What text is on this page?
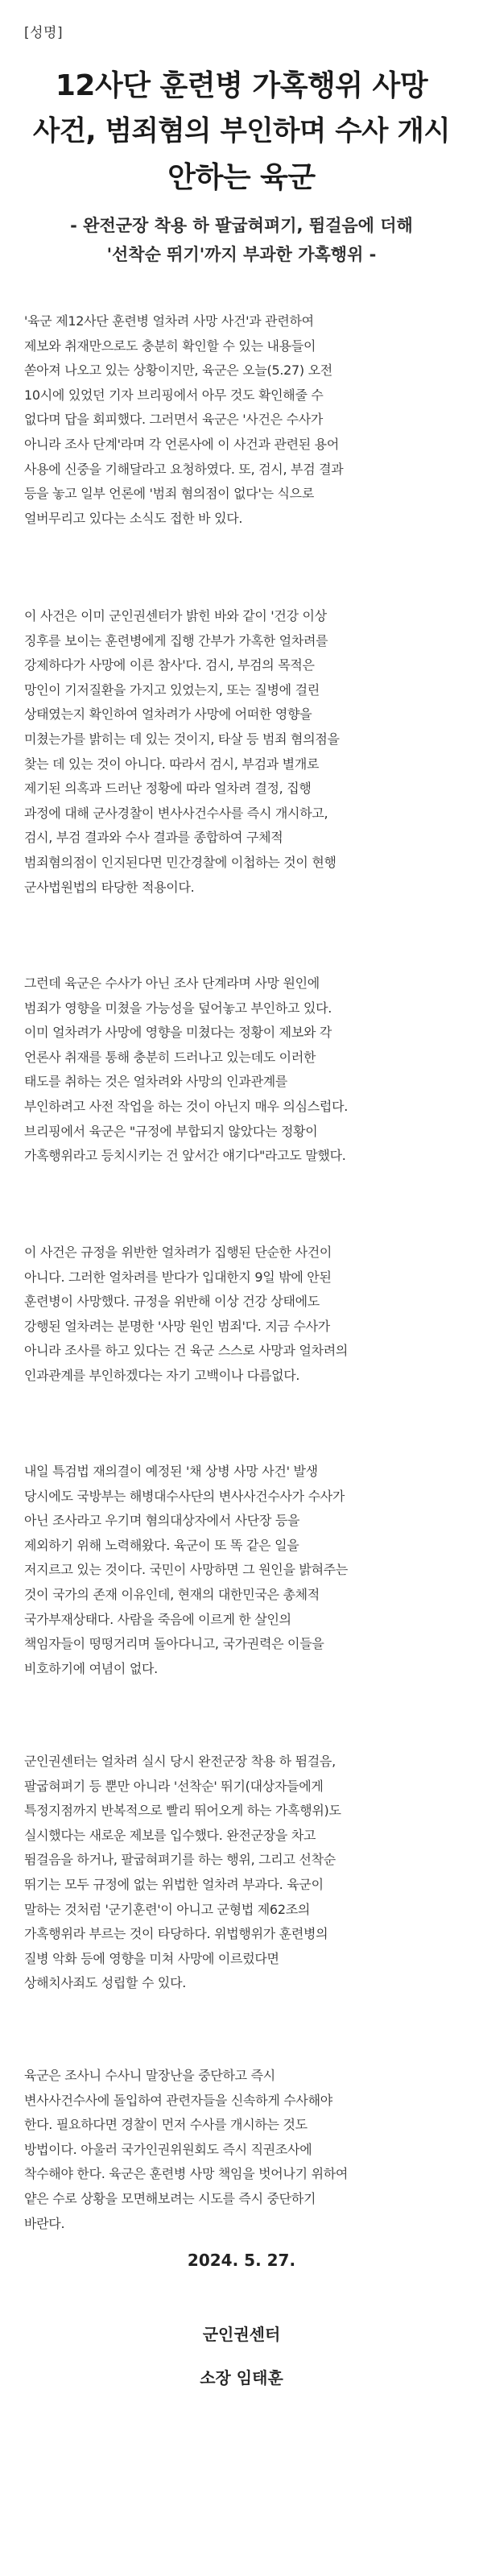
[성명]
12사단 훈련병 가혹행위 사망
사건, 범죄혐의 부인하며 수사 개시
안하는 육군
- 완전군장 착용 하 팔굽혀펴기, 뜀걸음에 더해
'선착순 뛰기'까지 부과한 가혹행위 -
'육군 제12사단 훈련병 얼차려 사망 사건'과 관련하여
제보와 취재만으로도 충분히 확인할 수 있는 내용들이
쏟아져 나오고 있는 상황이지만, 육군은 오늘(5.27) 오전
10시에 있었던 기자 브리핑에서 아무 것도 확인해줄 수
없다며 답을 회피했다. 그러면서 육군은 '사건은 수사가
아니라 조사 단계'라며 각 언론사에 이 사건과 관련된 용어
사용에 신중을 기해달라고 요청하였다. 또, 검시, 부검 결과
등을 놓고 일부 언론에 '범죄 혐의점이 없다'는 식으로
얼버무리고 있다는 소식도 접한 바 있다.
이 사건은 이미 군인권센터가 밝힌 바와 같이 '건강 이상
징후를 보이는 훈련병에게 집행 간부가 가혹한 얼차려를
강제하다가 사망에 이른 참사'다. 검시, 부검의 목적은
망인이 기저질환을 가지고 있었는지, 또는 질병에 걸린
상태였는지 확인하여 얼차려가 사망에 어떠한 영향을
미쳤는가를 밝히는 데 있는 것이지, 타살 등 범죄 혐의점을
찾는 데 있는 것이 아니다. 따라서 검시, 부검과 별개로
제기된 의혹과 드러난 정황에 따라 얼차려 결정, 집행
과정에 대해 군사경찰이 변사사건수사를 즉시 개시하고,
검시, 부검 결과와 수사 결과를 종합하여 구체적
범죄혐의점이 인지된다면 민간경찰에 이첩하는 것이 현행
군사법원법의 타당한 적용이다.
그런데 육군은 수사가 아닌 조사 단계라며 사망 원인에
범죄가 영향을 미쳤을 가능성을 덮어놓고 부인하고 있다.
이미 얼차려가 사망에 영향을 미쳤다는 정황이 제보와 각
언론사 취재를 통해 충분히 드러나고 있는데도 이러한
태도를 취하는 것은 얼차려와 사망의 인과관계를
부인하려고 사전 작업을 하는 것이 아닌지 매우 의심스럽다.
브리핑에서 육군은 "규정에 부합되지 않았다는 정황이
가혹행위라고 등치시키는 건 앞서간 얘기다"라고도 말했다.
이 사건은 규정을 위반한 얼차려가 집행된 단순한 사건이
아니다. 그러한 얼차려를 받다가 입대한지 9일 밖에 안된
훈련병이 사망했다. 규정을 위반해 이상 건강 상태에도
강행된 얼차려는 분명한 '사망 원인 범죄'다. 지금 수사가
아니라 조사를 하고 있다는 건 육군 스스로 사망과 얼차려의
인과관계를 부인하겠다는 자기 고백이나 다름없다.
내일 특검법 재의결이 예정된 '채 상병 사망 사건' 발생
당시에도 국방부는 해병대수사단의 변사사건수사가 수사가
아닌 조사라고 우기며 혐의대상자에서 사단장 등을
제외하기 위해 노력해왔다. 육군이 또 똑 같은 일을
저지르고 있는 것이다. 국민이 사망하면 그 원인을 밝혀주는
것이 국가의 존재 이유인데, 현재의 대한민국은 총체적
국가부재상태다. 사람을 죽음에 이르게 한 살인의
책임자들이 떵떵거리며 돌아다니고, 국가권력은 이들을
비호하기에 여념이 없다.
군인권센터는 얼차려 실시 당시 완전군장 착용 하 뜀걸음,
팔굽혀펴기 등 뿐만 아니라 '선착순' 뛰기(대상자들에게
특정지점까지 반복적으로 빨리 뛰어오게 하는 가혹행위)도
실시했다는 새로운 제보를 입수했다. 완전군장을 차고
뜀걸음을 하거나, 팔굽혀펴기를 하는 행위, 그리고 선착순
뛰기는 모두 규정에 없는 위법한 얼차려 부과다. 육군이
말하는 것처럼 '군기훈련'이 아니고 군형법 제62조의
가혹행위라 부르는 것이 타당하다. 위법행위가 훈련병의
질병 악화 등에 영향을 미쳐 사망에 이르렀다면
상해치사죄도 성립할 수 있다.
육군은 조사니 수사니 말장난을 중단하고 즉시
변사사건수사에 돌입하여 관련자들을 신속하게 수사해야
한다. 필요하다면 경찰이 먼저 수사를 개시하는 것도
방법이다. 아울러 국가인권위원회도 즉시 직권조사에
착수해야 한다. 육군은 훈련병 사망 책임을 벗어나기 위하여
얕은 수로 상황을 모면해보려는 시도를 즉시 중단하기
바란다.
2024. 5. 27.
군인권센터
소장 임태훈
